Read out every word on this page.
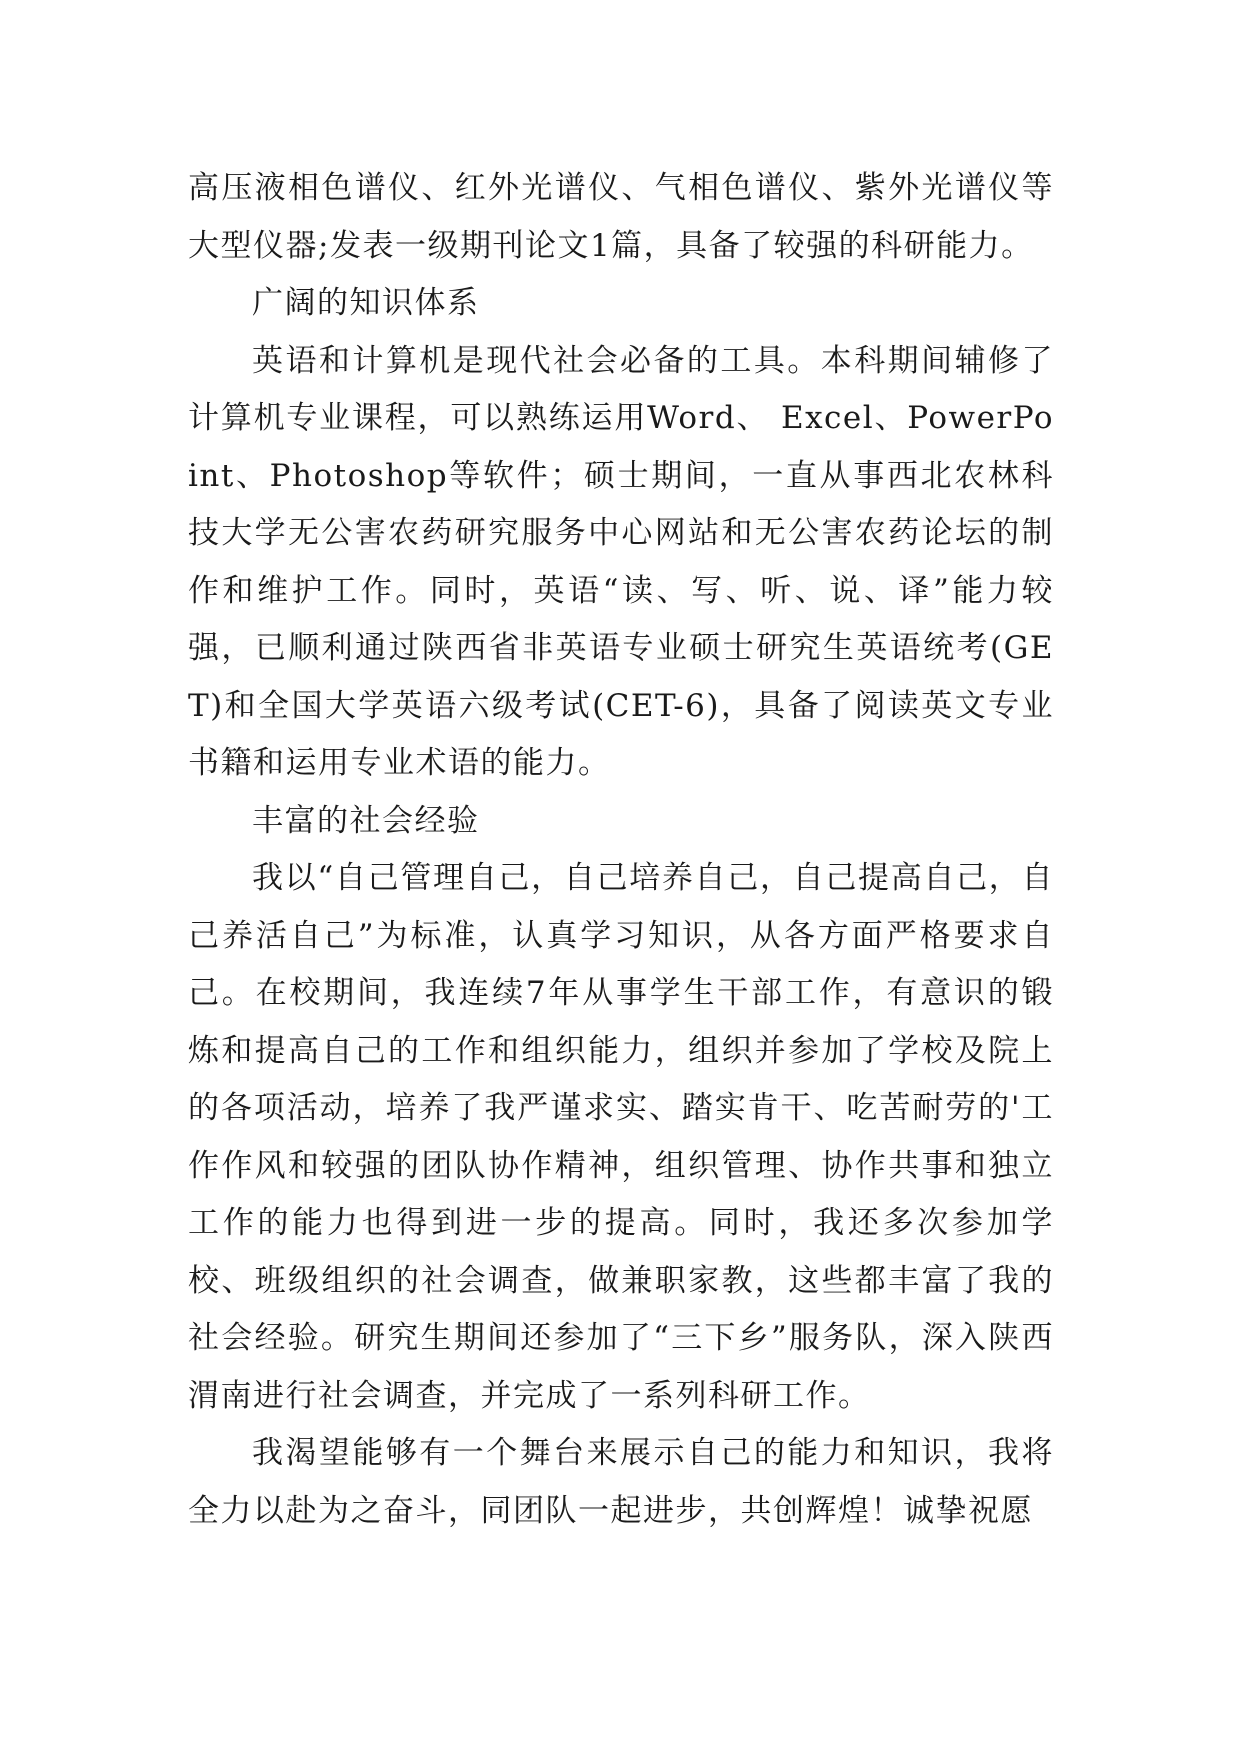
高压液相色谱仪、红外光谱仪、气相色谱仪、紫外光谱仪等大型仪器;发表一级期刊论文1篇，具备了较强的科研能力。

广阔的知识体系

英语和计算机是现代社会必备的工具。本科期间辅修了计算机专业课程，可以熟练运用Word、 Excel、PowerPoint、Photoshop等软件；硕士期间，一直从事西北农林科技大学无公害农药研究服务中心网站和无公害农药论坛的制作和维护工作。同时，英语“读、写、听、说、译”能力较强，已顺利通过陕西省非英语专业硕士研究生英语统考(GET)和全国大学英语六级考试(CET-6)，具备了阅读英文专业书籍和运用专业术语的能力。

丰富的社会经验

我以“自己管理自己，自己培养自己，自己提高自己，自己养活自己”为标准，认真学习知识，从各方面严格要求自己。在校期间，我连续7年从事学生干部工作，有意识的锻炼和提高自己的工作和组织能力，组织并参加了学校及院上的各项活动，培养了我严谨求实、踏实肯干、吃苦耐劳的'工作作风和较强的团队协作精神，组织管理、协作共事和独立工作的能力也得到进一步的提高。同时，我还多次参加学校、班级组织的社会调查，做兼职家教，这些都丰富了我的社会经验。研究生期间还参加了“三下乡”服务队，深入陕西渭南进行社会调查，并完成了一系列科研工作。

我渴望能够有一个舞台来展示自己的能力和知识，我将全力以赴为之奋斗，同团队一起进步，共创辉煌！诚挚祝愿
